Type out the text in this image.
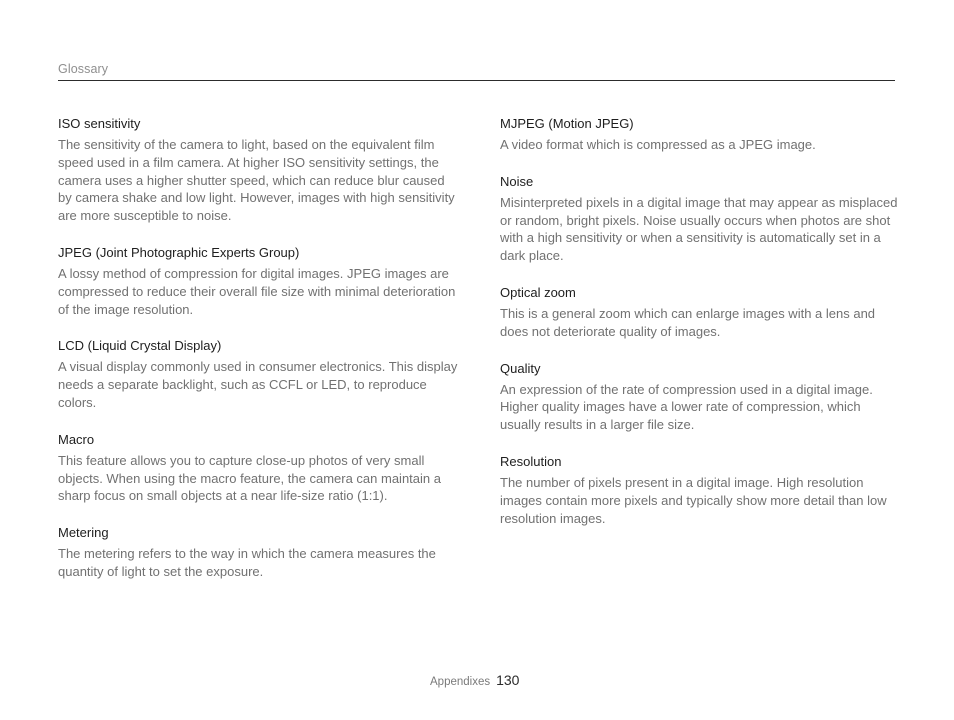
Glossary
ISO sensitivity

The sensitivity of the camera to light, based on the equivalent film speed used in a film camera. At higher ISO sensitivity settings, the camera uses a higher shutter speed, which can reduce blur caused by camera shake and low light. However, images with high sensitivity are more susceptible to noise.

JPEG (Joint Photographic Experts Group)

A lossy method of compression for digital images. JPEG images are compressed to reduce their overall file size with minimal deterioration of the image resolution.

LCD (Liquid Crystal Display)

A visual display commonly used in consumer electronics. This display needs a separate backlight, such as CCFL or LED, to reproduce colors.

Macro

This feature allows you to capture close-up photos of very small objects. When using the macro feature, the camera can maintain a sharp focus on small objects at a near life-size ratio (1:1).

Metering

The metering refers to the way in which the camera measures the quantity of light to set the exposure.

MJPEG (Motion JPEG)

A video format which is compressed as a JPEG image.

Noise

Misinterpreted pixels in a digital image that may appear as misplaced or random, bright pixels. Noise usually occurs when photos are shot with a high sensitivity or when a sensitivity is automatically set in a dark place.

Optical zoom

This is a general zoom which can enlarge images with a lens and does not deteriorate quality of images.

Quality

An expression of the rate of compression used in a digital image. Higher quality images have a lower rate of compression, which usually results in a larger file size.

Resolution

The number of pixels present in a digital image. High resolution images contain more pixels and typically show more detail than low resolution images.

Appendixes 130
